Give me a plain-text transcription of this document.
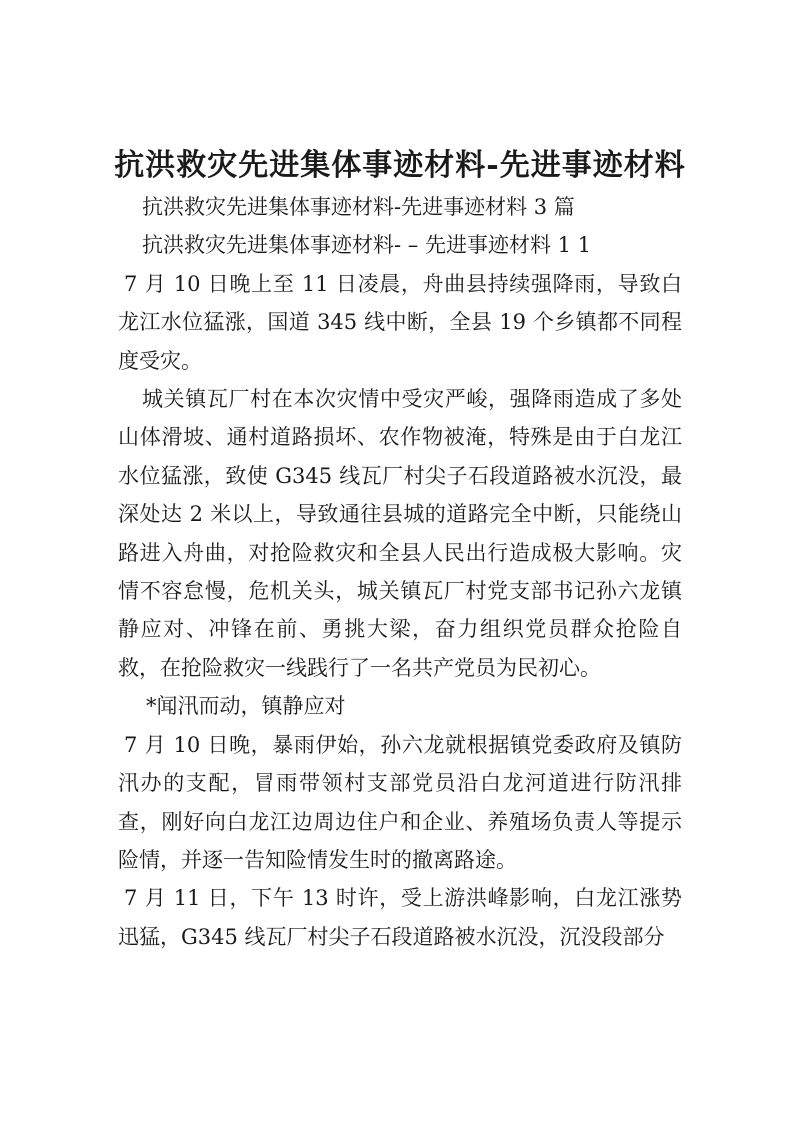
抗洪救灾先进集体事迹材料-先进事迹材料

抗洪救灾先进集体事迹材料-先进事迹材料 3 篇

抗洪救灾先进集体事迹材料- – 先进事迹材料 1 1

7 月 10 日晚上至 11 日凌晨，舟曲县持续强降雨，导致白龙江水位猛涨，国道 345 线中断，全县 19 个乡镇都不同程度受灾。

城关镇瓦厂村在本次灾情中受灾严峻，强降雨造成了多处山体滑坡、通村道路损坏、农作物被淹，特殊是由于白龙江水位猛涨，致使 G345 线瓦厂村尖子石段道路被水沉没，最深处达 2 米以上，导致通往县城的道路完全中断，只能绕山路进入舟曲，对抢险救灾和全县人民出行造成极大影响。灾情不容怠慢，危机关头，城关镇瓦厂村党支部书记孙六龙镇静应对、冲锋在前、勇挑大梁，奋力组织党员群众抢险自救，在抢险救灾一线践行了一名共产党员为民初心。

*闻汛而动，镇静应对

7 月 10 日晚，暴雨伊始，孙六龙就根据镇党委政府及镇防汛办的支配，冒雨带领村支部党员沿白龙河道进行防汛排查，刚好向白龙江边周边住户和企业、养殖场负责人等提示险情，并逐一告知险情发生时的撤离路途。

7 月 11 日，下午 13 时许，受上游洪峰影响，白龙江涨势迅猛，G345 线瓦厂村尖子石段道路被水沉没，沉没段部分
